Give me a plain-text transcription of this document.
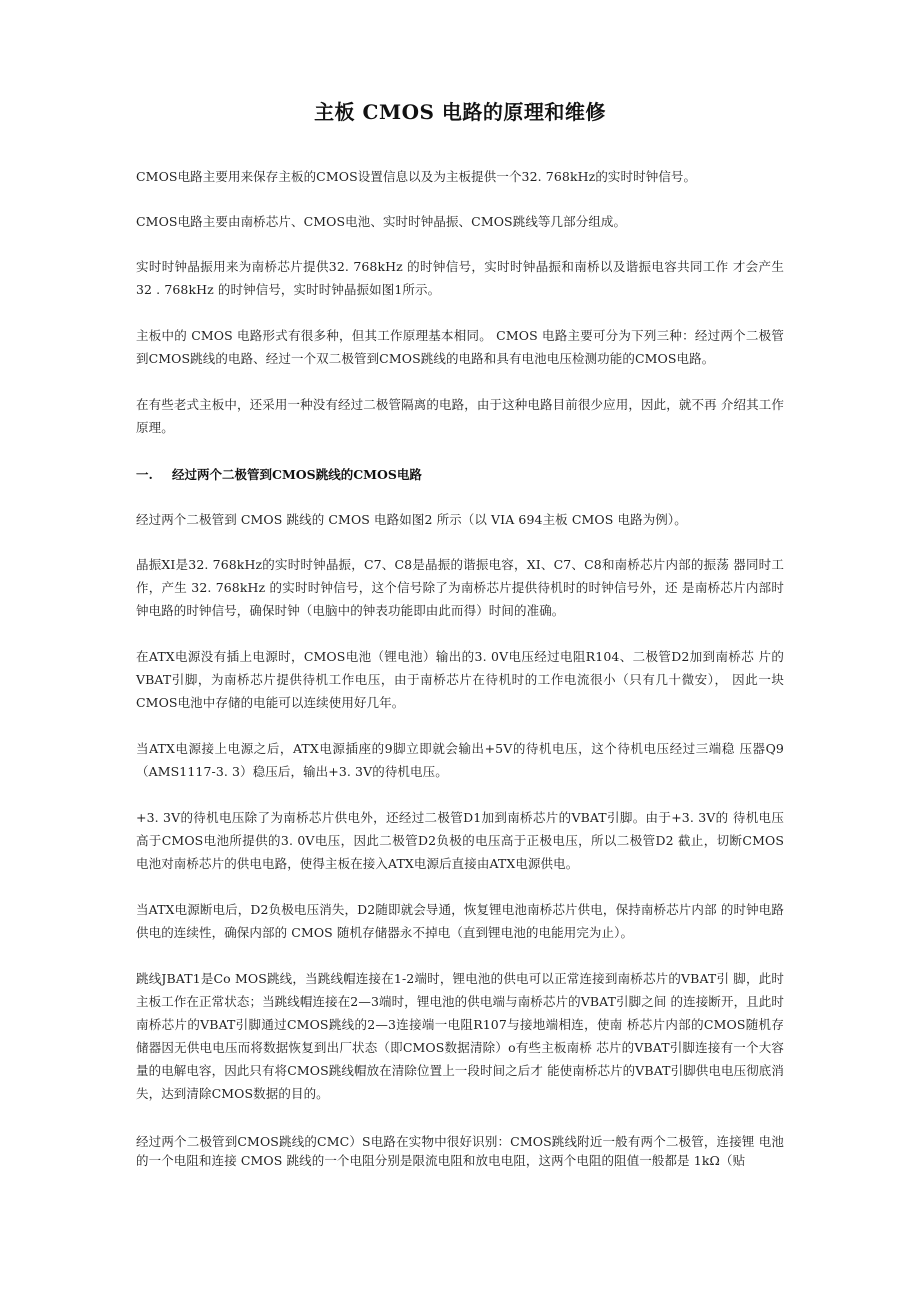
主板 CMOS 电路的原理和维修
CMOS电路主要用来保存主板的CMOS设置信息以及为主板提供一个32. 768kHz的实时时钟信号。
CMOS电路主要由南桥芯片、CMOS电池、实时时钟晶振、CMOS跳线等几部分组成。
实时时钟晶振用来为南桥芯片提供32. 768kHz 的时钟信号，实时时钟晶振和南桥以及谐振电容共同工作 才会产生32 . 768kHz 的时钟信号，实时时钟晶振如图1所示。
主板中的 CMOS 电路形式有很多种，但其工作原理基本相同。 CMOS 电路主要可分为下列三种：经过两个二极管到CMOS跳线的电路、经过一个双二极管到CMOS跳线的电路和具有电池电压检测功能的CMOS电路。
在有些老式主板中，还采用一种没有经过二极管隔离的电路，由于这种电路目前很少应用，因此，就不再 介绍其工作原理。
一. 经过两个二极管到CMOS跳线的CMOS电路
经过两个二极管到 CMOS 跳线的 CMOS 电路如图2 所示（以 VIA 694主板 CMOS 电路为例）。
晶振XI是32. 768kHz的实时时钟晶振，C7、C8是晶振的谐振电容，XI、C7、C8和南桥芯片内部的振荡 器同时工作，产生 32. 768kHz 的实时时钟信号，这个信号除了为南桥芯片提供待机时的时钟信号外，还 是南桥芯片内部时钟电路的时钟信号，确保时钟（电脑中的钟表功能即由此而得）时间的准确。
在ATX电源没有插上电源时，CMOS电池（锂电池）输出的3. 0V电压经过电阻R104、二极管D2加到南桥芯 片的VBAT引脚，为南桥芯片提供待机工作电压，由于南桥芯片在待机时的工作电流很小（只有几十微安）， 因此一块CMOS电池中存储的电能可以连续使用好几年。
当ATX电源接上电源之后，ATX电源插座的9脚立即就会输出+5V的待机电压，这个待机电压经过三端稳 压器Q9（AMS1117-3. 3）稳压后，输出+3. 3V的待机电压。
+3. 3V的待机电压除了为南桥芯片供电外，还经过二极管D1加到南桥芯片的VBAT引脚。由于+3. 3V的 待机电压高于CMOS电池所提供的3. 0V电压，因此二极管D2负极的电压高于正极电压，所以二极管D2 截止，切断CMOS电池对南桥芯片的供电电路，使得主板在接入ATX电源后直接由ATX电源供电。
当ATX电源断电后，D2负极电压消失，D2随即就会导通，恢复锂电池南桥芯片供电，保持南桥芯片内部 的时钟电路供电的连续性，确保内部的 CMOS 随机存储器永不掉电（直到锂电池的电能用完为止）。
跳线JBAT1是Co MOS跳线，当跳线帽连接在1-2端时，锂电池的供电可以正常连接到南桥芯片的VBAT引 脚，此时主板工作在正常状态；当跳线帽连接在2—3端时，锂电池的供电端与南桥芯片的VBAT引脚之间 的连接断开，且此时南桥芯片的VBAT引脚通过CMOS跳线的2—3连接端一电阻R107与接地端相连，使南 桥芯片内部的CMOS随机存储器因无供电电压而将数据恢复到出厂状态（即CMOS数据清除）o有些主板南桥 芯片的VBAT引脚连接有一个大容量的电解电容，因此只有将CMOS跳线帽放在清除位置上一段时间之后才 能使南桥芯片的VBAT引脚供电电压彻底消失，达到清除CMOS数据的目的。
经过两个二极管到CMOS跳线的CMC）S电路在实物中很好识别：CMOS跳线附近一般有两个二极管，连接锂 电池的一个电阻和连接 CMOS 跳线的一个电阻分别是限流电阻和放电电阻，这两个电阻的阻值一般都是 1kΩ（贴
